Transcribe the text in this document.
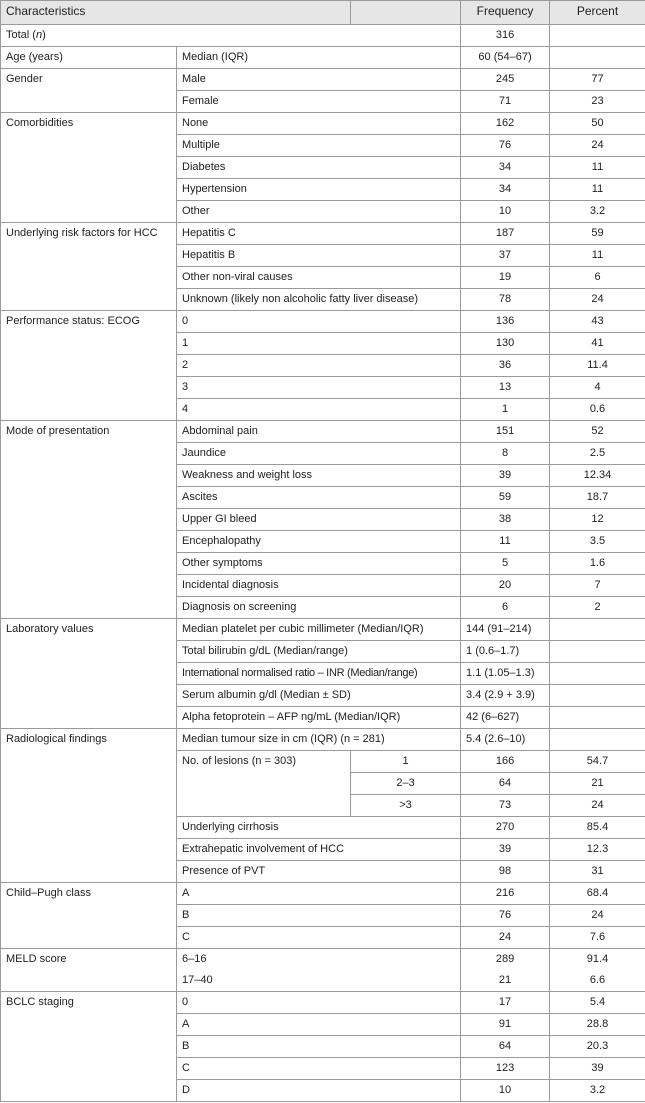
Characteristics			Frequency	Percent
Total (n)			316	
Age (years)	Median (IQR)		60 (54–67)	
Gender	Male		245	77
	Female		71	23
Comorbidities	None		162	50
	Multiple		76	24
	Diabetes		34	11
	Hypertension		34	11
	Other		10	3.2
Underlying risk factors for HCC	Hepatitis C		187	59
	Hepatitis B		37	11
	Other non-viral causes		19	6
	Unknown (likely non alcoholic fatty liver disease)		78	24
Performance status: ECOG	0		136	43
	1		130	41
	2		36	11.4
	3		13	4
	4		1	0.6
Mode of presentation	Abdominal pain		151	52
	Jaundice		8	2.5
	Weakness and weight loss		39	12.34
	Ascites		59	18.7
	Upper GI bleed		38	12
	Encephalopathy		11	3.5
	Other symptoms		5	1.6
	Incidental diagnosis		20	7
	Diagnosis on screening		6	2
Laboratory values	Median platelet per cubic millimeter (Median/IQR)		144 (91–214)	
	Total bilirubin g/dL (Median/range)		1 (0.6–1.7)	
	International normalised ratio – INR (Median/range)		1.1 (1.05–1.3)	
	Serum albumin g/dl (Median ± SD)		3.4 (2.9 + 3.9)	
	Alpha fetoprotein – AFP ng/mL (Median/IQR)		42 (6–627)	
Radiological findings	Median tumour size in cm (IQR) (n = 281)		5.4 (2.6–10)	
	No. of lesions (n = 303)	1	166	54.7
		2–3	64	21
		>3	73	24
	Underlying cirrhosis		270	85.4
	Extrahepatic involvement of HCC		39	12.3
	Presence of PVT		98	31
Child–Pugh class	A		216	68.4
	B		76	24
	C		24	7.6
MELD score	6–16		289	91.4
	17–40		21	6.6
BCLC staging	0		17	5.4
	A		91	28.8
	B		64	20.3
	C		123	39
	D		10	3.2
